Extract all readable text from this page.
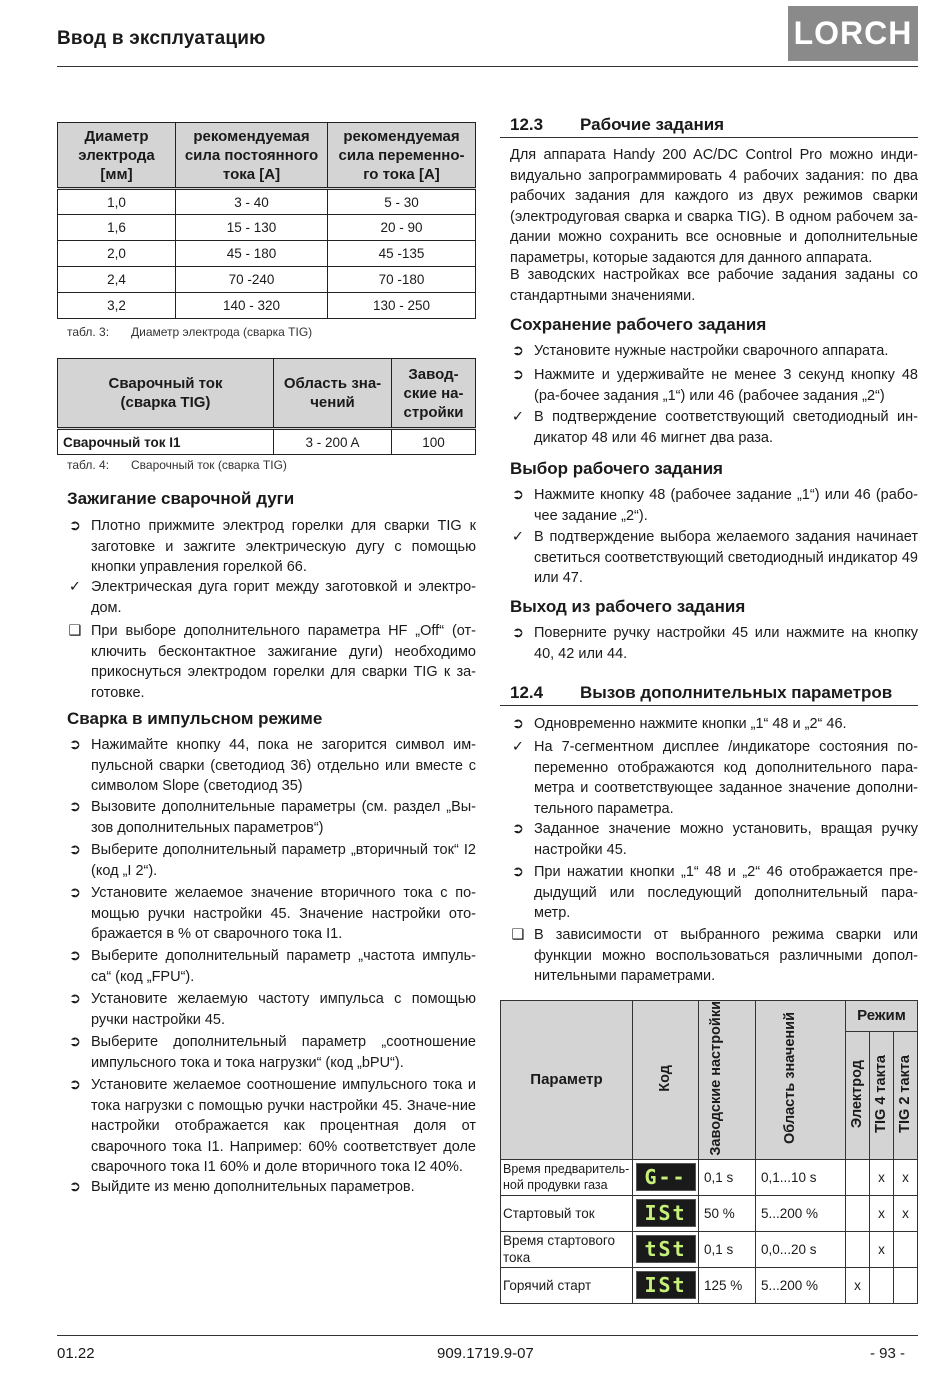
Ввод в эксплуатацию	LORCH
Диаметр электрода [мм]	рекомендуемая сила постоянного тока [A]	рекомендуемая сила переменно-го тока [A]
1,0	3 - 40	5 - 30
1,6	15 - 130	20 - 90
2,0	45 - 180	45 -135
2,4	70 -240	70 -180
3,2	140 - 320	130 - 250
табл. 3: Диаметр электрода (сварка TIG)
Сварочный ток (сварка TIG)	Область зна-чений	Завод-ские на-стройки
Сварочный ток I1	3 - 200 A	100
табл. 4: Сварочный ток (сварка TIG)
Зажигание сварочной дуги
➲ Плотно прижмите электрод горелки для сварки TIG к заготовке и зажгите электрическую дугу с помощью кнопки управления горелкой 66.
✓ Электрическая дуга горит между заготовкой и электро-дом.
❑ При выборе дополнительного параметра HF „Off“ (от-ключить бесконтактное зажигание дуги) необходимо прикоснуться электродом горелки для сварки TIG к за-готовке.
Сварка в импульсном режиме
➲ Нажимайте кнопку 44, пока не загорится символ им-пульсной сварки (светодиод 36) отдельно или вместе с символом Slope (светодиод 35)
➲ Вызовите дополнительные параметры (см. раздел „Вы-зов дополнительных параметров“)
➲ Выберите дополнительный параметр „вторичный ток“ I2 (код „I 2“).
➲ Установите желаемое значение вторичного тока с по-мощью ручки настройки 45. Значение настройки ото-бражается в % от сварочного тока I1.
➲ Выберите дополнительный параметр „частота импуль-са“ (код „FPU“).
➲ Установите желаемую частоту импульса с помощью ручки настройки 45.
➲ Выберите дополнительный параметр „соотношение импульсного тока и тока нагрузки“ (код „bPU“).
➲ Установите желаемое соотношение импульсного тока и тока нагрузки с помощью ручки настройки 45. Значе-ние настройки отображается как процентная доля от сварочного тока I1. Например: 60% соответствует доле сварочного тока I1 60% и доле вторичного тока I2 40%.
➲ Выйдите из меню дополнительных параметров.
12.3 Рабочие задания
Для аппарата Handy 200 AC/DC Control Pro можно инди-видуально запрограммировать 4 рабочих задания: по два рабочих задания для каждого из двух режимов сварки (электродуговая сварка и сварка TIG). В одном рабочем за-дании можно сохранить все основные и дополнительные параметры, которые задаются для данного аппарата.
В заводских настройках все рабочие задания заданы со стандартными значениями.
Сохранение рабочего задания
➲ Установите нужные настройки сварочного аппарата.
➲ Нажмите и удерживайте не менее 3 секунд кнопку 48 (ра-бочее задания „1“) или 46 (рабочее задания „2“)
✓ В подтверждение соответствующий светодиодный ин-дикатор 48 или 46 мигнет два раза.
Выбор рабочего задания
➲ Нажмите кнопку 48 (рабочее задание „1“) или 46 (рабо-чее задание „2“).
✓ В подтверждение выбора желаемого задания начинает светиться соответствующий светодиодный индикатор 49 или 47.
Выход из рабочего задания
➲ Поверните ручку настройки 45 или нажмите на кнопку 40, 42 или 44.
12.4 Вызов дополнительных параметров
➲ Одновременно нажмите кнопки „1“ 48 и „2“ 46.
✓ На 7-сегментном дисплее /индикаторе состояния по-переменно отображаются код дополнительного пара-метра и соответствующее заданное значение дополни-тельного параметра.
➲ Заданное значение можно установить, вращая ручку настройки 45.
➲ При нажатии кнопки „1“ 48 и „2“ 46 отображается пре-дыдущий или последующий дополнительный пара-метр.
❑ В зависимости от выбранного режима сварки или функции можно воспользоваться различными допол-нительными параметрами.
Параметр	Код	Заводские настройки	Область значений	Режим		
				Электрод	TIG 4 такта	TIG 2 такта
Время предваритель-ной продувки газа	G--	0,1 s	0,1...10 s		x	x
Стартовый ток	ISt	50 %	5...200 %		x	x
Время стартового тока	tSt	0,1 s	0,0...20 s		x	
Горячий старт	ISt	125 %	5...200 %	x		
01.22	909.1719.9-07	- 93 -
